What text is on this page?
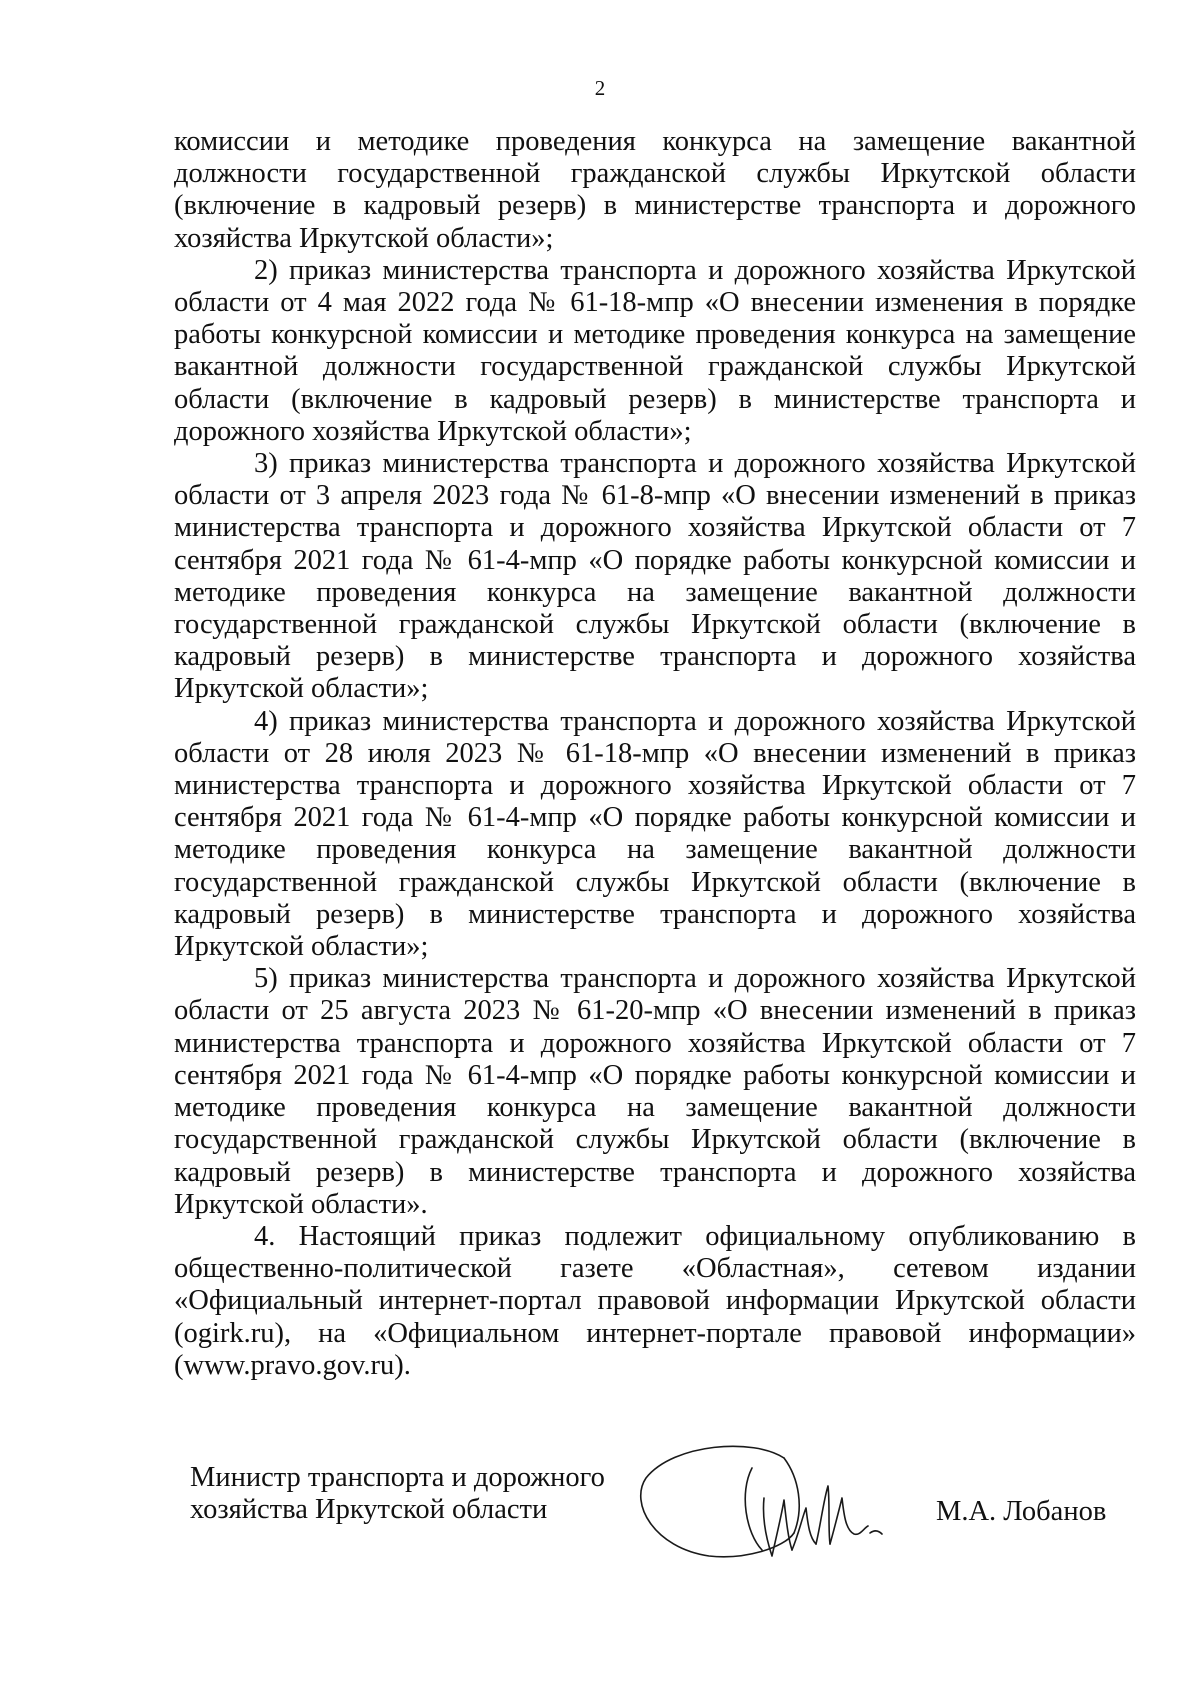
2

комиссии и методике проведения конкурса на замещение вакантной должности государственной гражданской службы Иркутской области (включение в кадровый резерв) в министерстве транспорта и дорожного хозяйства Иркутской области»;

2) приказ министерства транспорта и дорожного хозяйства Иркутской области от 4 мая 2022 года № 61-18-мпр «О внесении изменения в порядке работы конкурсной комиссии и методике проведения конкурса на замещение вакантной должности государственной гражданской службы Иркутской области (включение в кадровый резерв) в министерстве транспорта и дорожного хозяйства Иркутской области»;

3) приказ министерства транспорта и дорожного хозяйства Иркутской области от 3 апреля 2023 года № 61-8-мпр «О внесении изменений в приказ министерства транспорта и дорожного хозяйства Иркутской области от 7 сентября 2021 года № 61-4-мпр «О порядке работы конкурсной комиссии и методике проведения конкурса на замещение вакантной должности государственной гражданской службы Иркутской области (включение в кадровый резерв) в министерстве транспорта и дорожного хозяйства Иркутской области»;

4) приказ министерства транспорта и дорожного хозяйства Иркутской области от 28 июля 2023 № 61-18-мпр «О внесении изменений в приказ министерства транспорта и дорожного хозяйства Иркутской области от 7 сентября 2021 года № 61-4-мпр «О порядке работы конкурсной комиссии и методике проведения конкурса на замещение вакантной должности государственной гражданской службы Иркутской области (включение в кадровый резерв) в министерстве транспорта и дорожного хозяйства Иркутской области»;

5) приказ министерства транспорта и дорожного хозяйства Иркутской области от 25 августа 2023 № 61-20-мпр «О внесении изменений в приказ министерства транспорта и дорожного хозяйства Иркутской области от 7 сентября 2021 года № 61-4-мпр «О порядке работы конкурсной комиссии и методике проведения конкурса на замещение вакантной должности государственной гражданской службы Иркутской области (включение в кадровый резерв) в министерстве транспорта и дорожного хозяйства Иркутской области».

4. Настоящий приказ подлежит официальному опубликованию в общественно-политической газете «Областная», сетевом издании «Официальный интернет-портал правовой информации Иркутской области (ogirk.ru), на «Официальном интернет-портале правовой информации» (www.pravo.gov.ru).

Министр транспорта и дорожного
хозяйства Иркутской области	М.А. Лобанов
